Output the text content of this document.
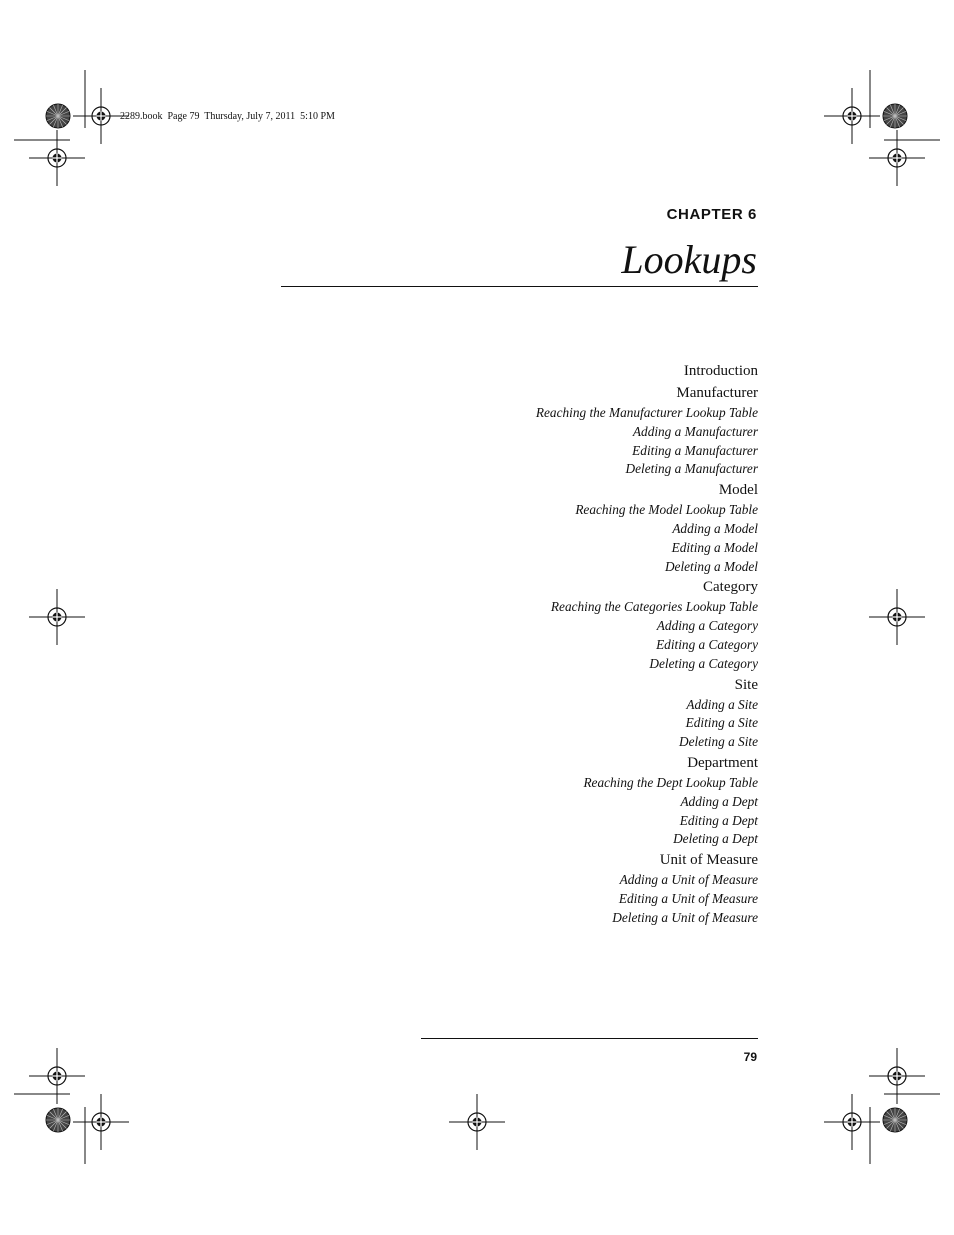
2289.book  Page 79  Thursday, July 7, 2011  5:10 PM
CHAPTER 6
Lookups
Introduction
Manufacturer
Reaching the Manufacturer Lookup Table
Adding a Manufacturer
Editing a Manufacturer
Deleting a Manufacturer
Model
Reaching the Model Lookup Table
Adding a Model
Editing a Model
Deleting a Model
Category
Reaching the Categories Lookup Table
Adding a Category
Editing a Category
Deleting a Category
Site
Adding a Site
Editing a Site
Deleting a Site
Department
Reaching the Dept Lookup Table
Adding a Dept
Editing a Dept
Deleting a Dept
Unit of Measure
Adding a Unit of Measure
Editing a Unit of Measure
Deleting a Unit of Measure
79
